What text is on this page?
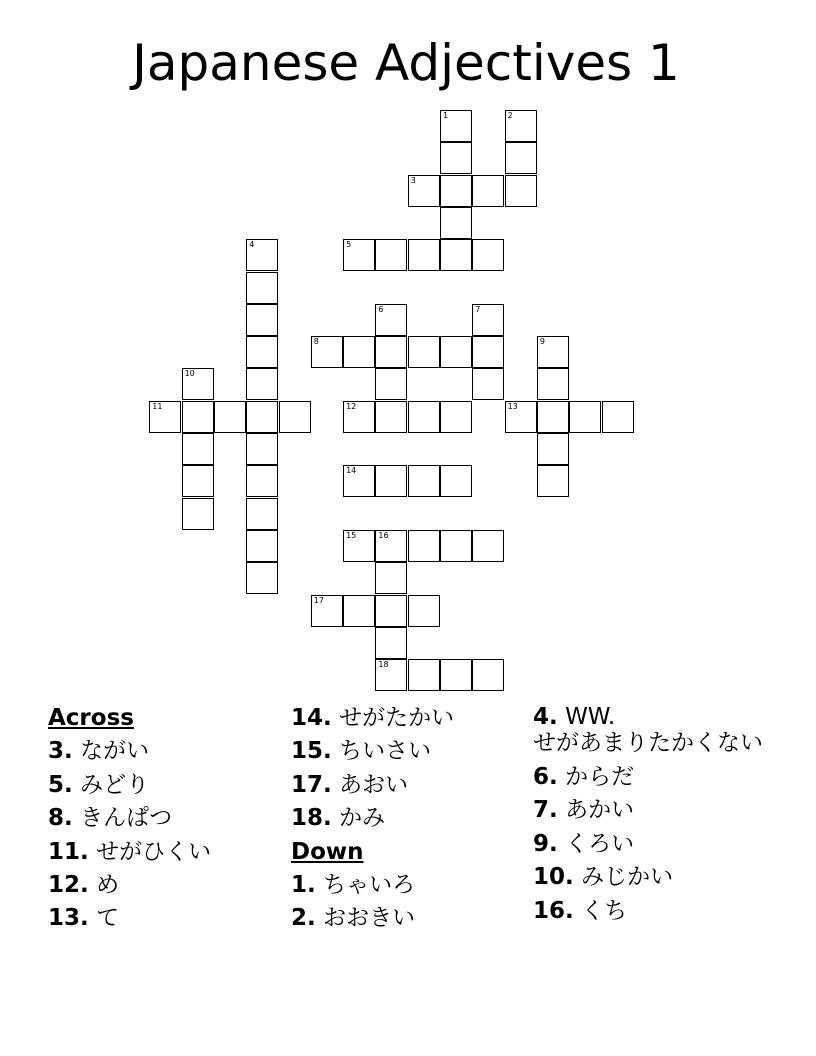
Japanese Adjectives 1
1	2
3
4	5
6	7
8	9
10
11	12	13
14
15	16
17
18
Across
3. ながい
5. みどり
8. きんぱつ
11. せがひくい
12. め
13. て
14. せがたかい
15. ちいさい
17. あおい
18. かみ
Down
1. ちゃいろ
2. おおきい
4. WW.
せがあまりたかくない
6. からだ
7. あかい
9. くろい
10. みじかい
16. くち
